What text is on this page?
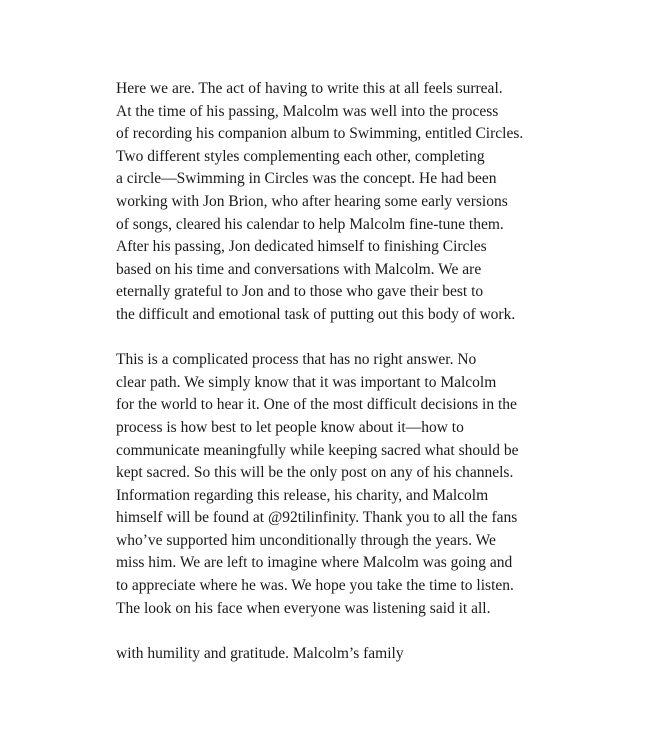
Here we are. The act of having to write this at all feels surreal.
At the time of his passing, Malcolm was well into the process
of recording his companion album to Swimming, entitled Circles.
Two different styles complementing each other, completing
a circle—Swimming in Circles was the concept. He had been
working with Jon Brion, who after hearing some early versions
of songs, cleared his calendar to help Malcolm fine-tune them.
After his passing, Jon dedicated himself to finishing Circles
based on his time and conversations with Malcolm. We are
eternally grateful to Jon and to those who gave their best to
the difficult and emotional task of putting out this body of work.

This is a complicated process that has no right answer. No
clear path. We simply know that it was important to Malcolm
for the world to hear it. One of the most difficult decisions in the
process is how best to let people know about it—how to
communicate meaningfully while keeping sacred what should be
kept sacred. So this will be the only post on any of his channels.
Information regarding this release, his charity, and Malcolm
himself will be found at @92tilinfinity. Thank you to all the fans
who’ve supported him unconditionally through the years. We
miss him. We are left to imagine where Malcolm was going and
to appreciate where he was. We hope you take the time to listen.
The look on his face when everyone was listening said it all.

with humility and gratitude. Malcolm’s family
